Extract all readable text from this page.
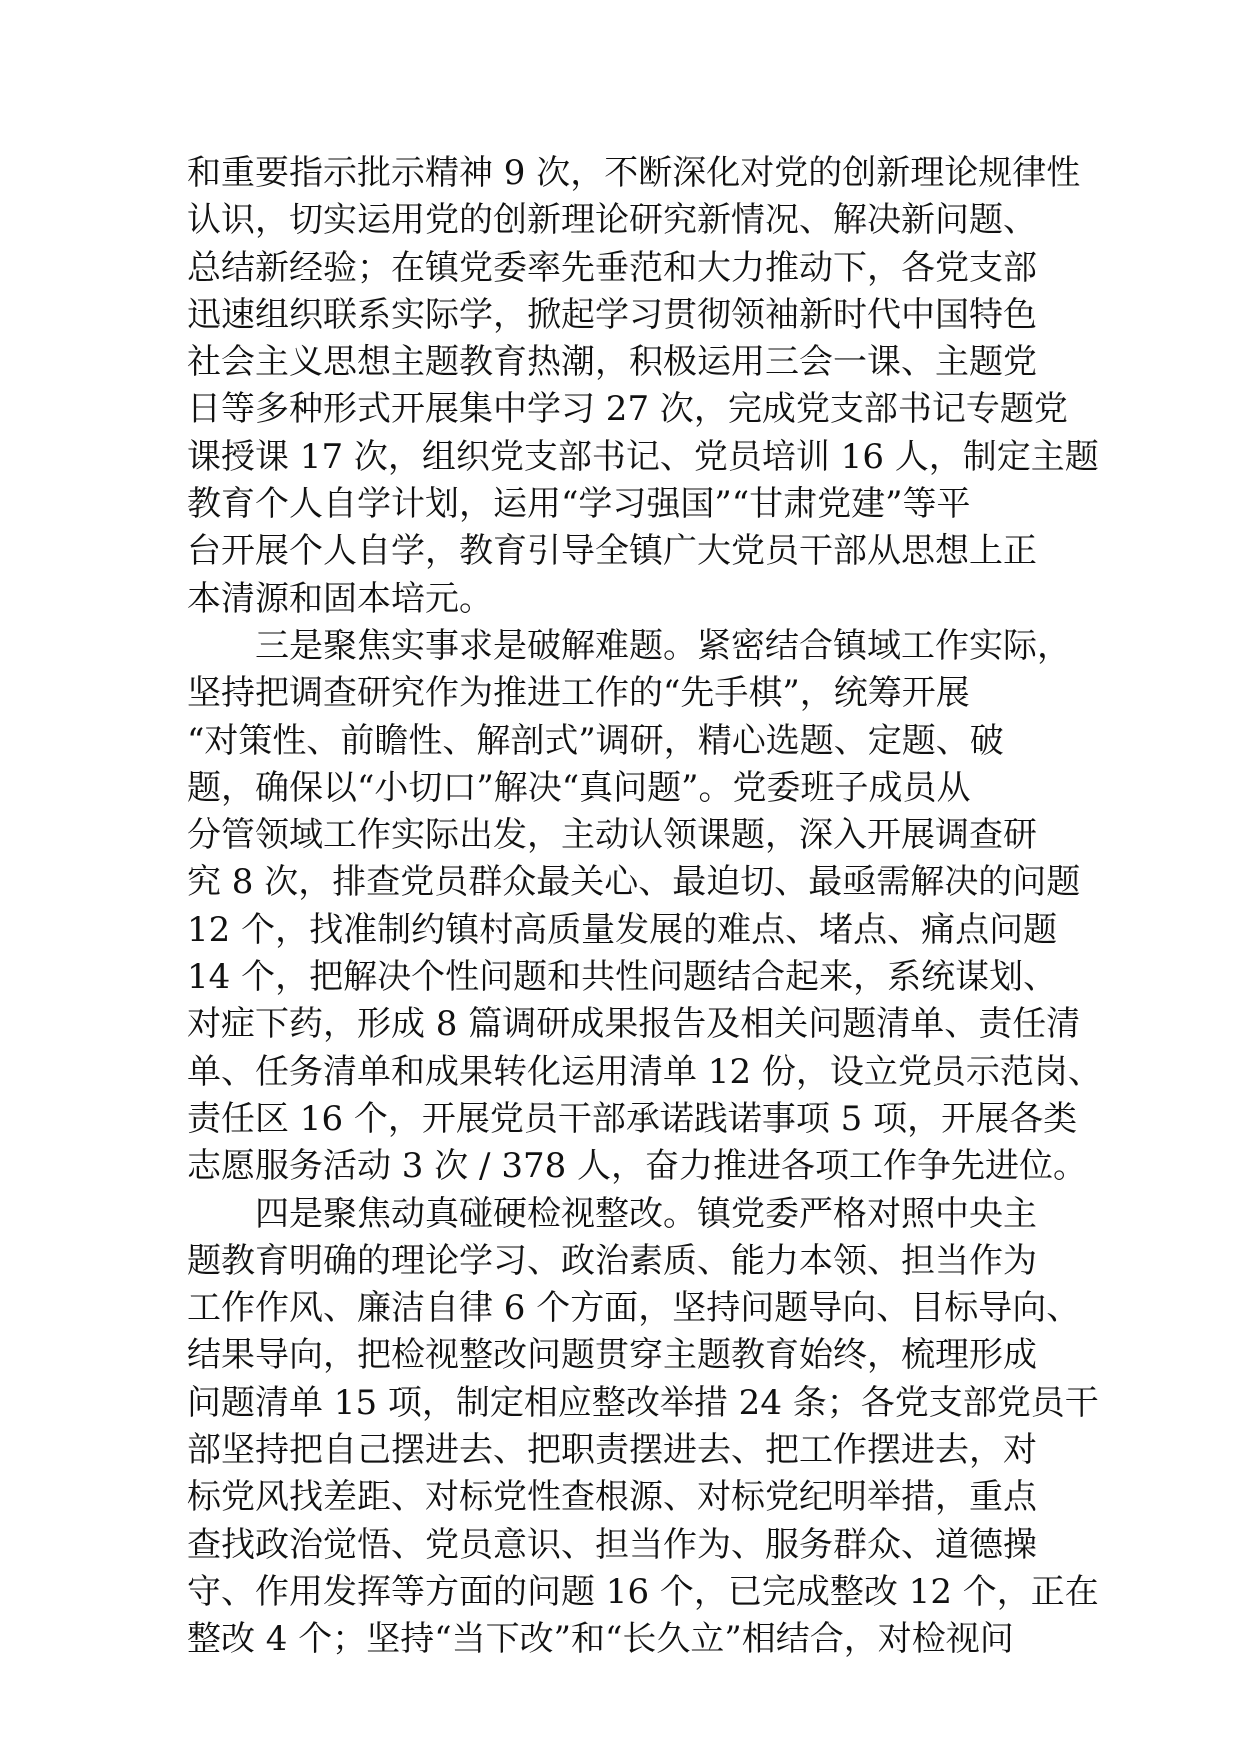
和重要指示批示精神 9 次，不断深化对党的创新理论规律性
认识，切实运用党的创新理论研究新情况、解决新问题、
总结新经验；在镇党委率先垂范和大力推动下，各党支部
迅速组织联系实际学，掀起学习贯彻领袖新时代中国特色
社会主义思想主题教育热潮，积极运用三会一课、主题党
日等多种形式开展集中学习 27 次，完成党支部书记专题党
课授课 17 次，组织党支部书记、党员培训 16 人，制定主题
教育个人自学计划，运用“学习强国”“甘肃党建”等平
台开展个人自学，教育引导全镇广大党员干部从思想上正
本清源和固本培元。
三是聚焦实事求是破解难题。紧密结合镇域工作实际，
坚持把调查研究作为推进工作的“先手棋”，统筹开展
“对策性、前瞻性、解剖式”调研，精心选题、定题、破
题，确保以“小切口”解决“真问题”。党委班子成员从
分管领域工作实际出发，主动认领课题，深入开展调查研
究 8 次，排查党员群众最关心、最迫切、最亟需解决的问题
12 个，找准制约镇村高质量发展的难点、堵点、痛点问题
14 个，把解决个性问题和共性问题结合起来，系统谋划、
对症下药，形成 8 篇调研成果报告及相关问题清单、责任清
单、任务清单和成果转化运用清单 12 份，设立党员示范岗、
责任区 16 个，开展党员干部承诺践诺事项 5 项，开展各类
志愿服务活动 3 次 / 378 人，奋力推进各项工作争先进位。
四是聚焦动真碰硬检视整改。镇党委严格对照中央主
题教育明确的理论学习、政治素质、能力本领、担当作为
工作作风、廉洁自律 6 个方面，坚持问题导向、目标导向、
结果导向，把检视整改问题贯穿主题教育始终，梳理形成
问题清单 15 项，制定相应整改举措 24 条；各党支部党员干
部坚持把自己摆进去、把职责摆进去、把工作摆进去，对
标党风找差距、对标党性查根源、对标党纪明举措，重点
查找政治觉悟、党员意识、担当作为、服务群众、道德操
守、作用发挥等方面的问题 16 个，已完成整改 12 个，正在
整改 4 个；坚持“当下改”和“长久立”相结合，对检视问
